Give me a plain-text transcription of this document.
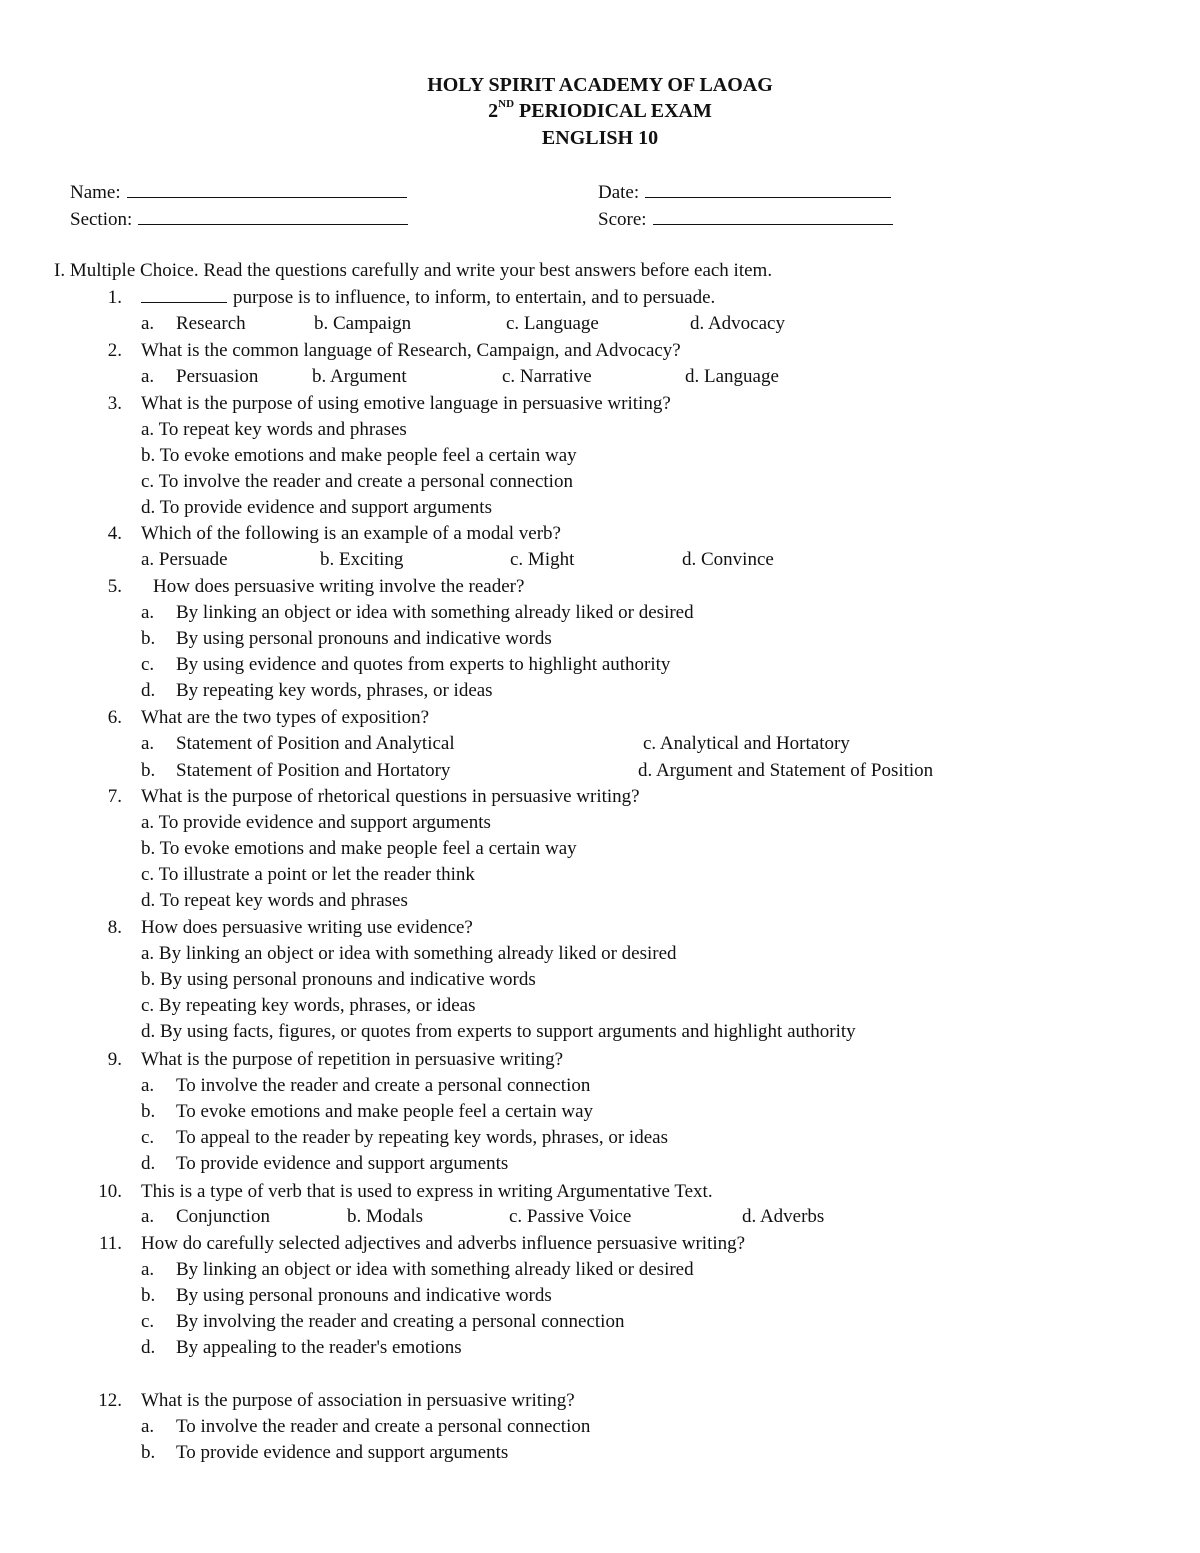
HOLY SPIRIT ACADEMY OF LAOAG
2ND PERIODICAL EXAM
ENGLISH 10
Name:
Section:
Date:
Score:
I. Multiple Choice. Read the questions carefully and write your best answers before each item.
1.	purpose is to influence, to inform, to entertain, and to persuade.
a. Research	b. Campaign	c. Language	d. Advocacy
2. What is the common language of Research, Campaign, and Advocacy?
a. Persuasion	b. Argument	c. Narrative	d. Language
3. What is the purpose of using emotive language in persuasive writing?
a. To repeat key words and phrases
b. To evoke emotions and make people feel a certain way
c. To involve the reader and create a personal connection
d. To provide evidence and support arguments
4. Which of the following is an example of a modal verb?
a. Persuade	b. Exciting	c. Might	d. Convince
5. How does persuasive writing involve the reader?
a. By linking an object or idea with something already liked or desired
b. By using personal pronouns and indicative words
c. By using evidence and quotes from experts to highlight authority
d. By repeating key words, phrases, or ideas
6. What are the two types of exposition?
a. Statement of Position and Analytical	c. Analytical and Hortatory
b. Statement of Position and Hortatory	d. Argument and Statement of Position
7. What is the purpose of rhetorical questions in persuasive writing?
a. To provide evidence and support arguments
b. To evoke emotions and make people feel a certain way
c. To illustrate a point or let the reader think
d. To repeat key words and phrases
8. How does persuasive writing use evidence?
a. By linking an object or idea with something already liked or desired
b. By using personal pronouns and indicative words
c. By repeating key words, phrases, or ideas
d. By using facts, figures, or quotes from experts to support arguments and highlight authority
9. What is the purpose of repetition in persuasive writing?
a. To involve the reader and create a personal connection
b. To evoke emotions and make people feel a certain way
c. To appeal to the reader by repeating key words, phrases, or ideas
d. To provide evidence and support arguments
10. This is a type of verb that is used to express in writing Argumentative Text.
a. Conjunction	b. Modals	c. Passive Voice	d. Adverbs
11. How do carefully selected adjectives and adverbs influence persuasive writing?
a. By linking an object or idea with something already liked or desired
b. By using personal pronouns and indicative words
c. By involving the reader and creating a personal connection
d. By appealing to the reader's emotions
12. What is the purpose of association in persuasive writing?
a. To involve the reader and create a personal connection
b. To provide evidence and support arguments
